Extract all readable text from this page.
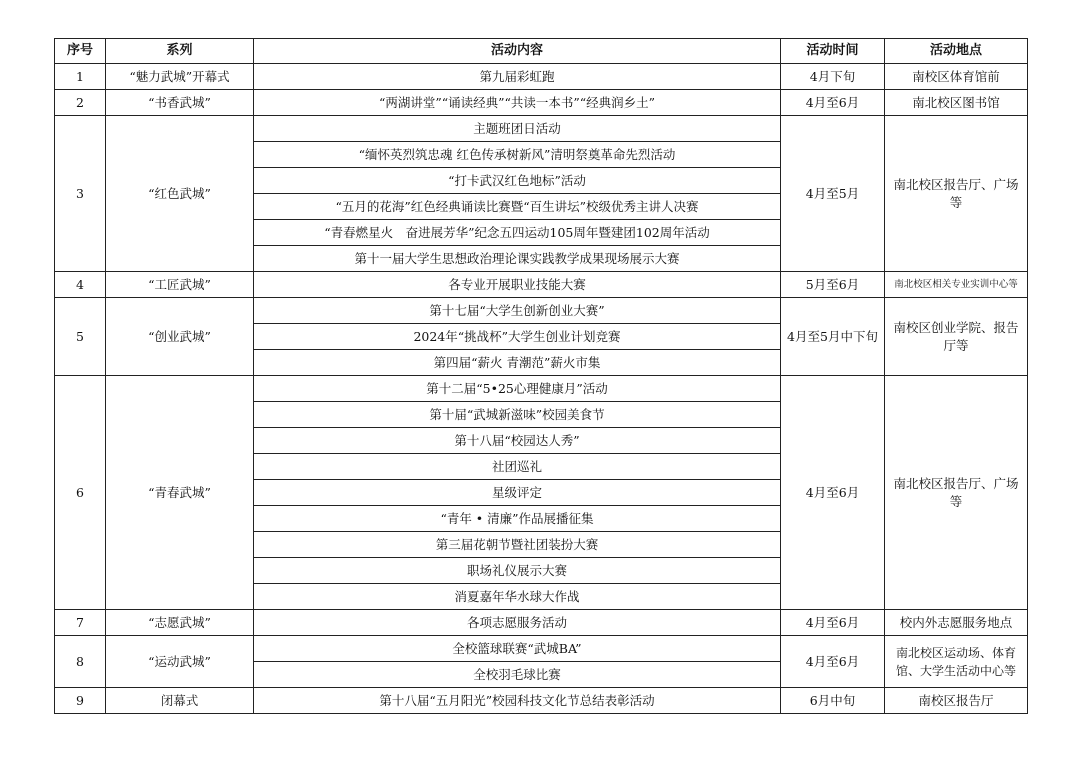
序号	系列	活动内容	活动时间	活动地点
1	“魅力武城”开幕式	第九届彩虹跑	4月下旬	南校区体育馆前
2	“书香武城”	“两湖讲堂”“诵读经典”“共读一本书”“经典润乡土”	4月至6月	南北校区图书馆
3	“红色武城”	主题班团日活动	4月至5月	南北校区报告厅、广场等
		“缅怀英烈筑忠魂 红色传承树新风”清明祭奠革命先烈活动		
		“打卡武汉红色地标”活动		
		“五月的花海”红色经典诵读比赛暨“百生讲坛”校级优秀主讲人决赛		
		“青春燃星火　奋进展芳华”纪念五四运动105周年暨建团102周年活动		
		第十一届大学生思想政治理论课实践教学成果现场展示大赛		
4	“工匠武城”	各专业开展职业技能大赛	5月至6月	南北校区相关专业实训中心等
5	“创业武城”	第十七届“大学生创新创业大赛”	4月至5月中下旬	南校区创业学院、报告厅等
		2024年“挑战杯”大学生创业计划竞赛		
		第四届“薪火 青潮范”薪火市集		
6	“青春武城”	第十二届“5•25心理健康月”活动	4月至6月	南北校区报告厅、广场等
		第十届“武城新滋味”校园美食节		
		第十八届“校园达人秀”		
		社团巡礼		
		星级评定		
		“青年 • 清廉”作品展播征集		
		第三届花朝节暨社团装扮大赛		
		职场礼仪展示大赛		
		消夏嘉年华水球大作战		
7	“志愿武城”	各项志愿服务活动	4月至6月	校内外志愿服务地点
8	“运动武城”	全校篮球联赛“武城BA”	4月至6月	南北校区运动场、体育馆、大学生活动中心等
		全校羽毛球比赛		
9	闭幕式	第十八届“五月阳光”校园科技文化节总结表彰活动	6月中旬	南校区报告厅
